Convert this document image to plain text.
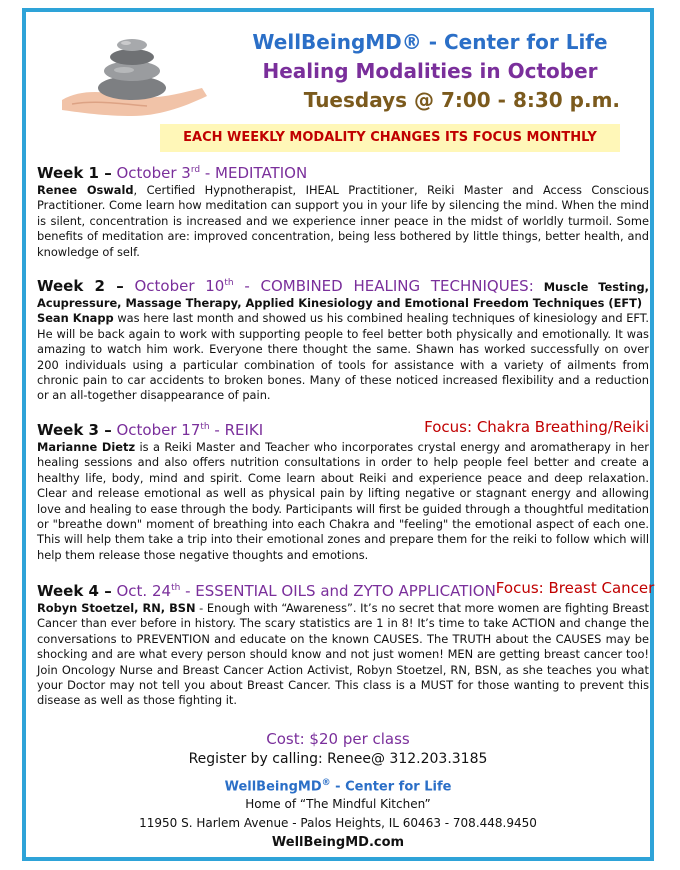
WellBeingMD® - Center for Life
Healing Modalities in October
Tuesdays @ 7:00 - 8:30 p.m.
EACH WEEKLY MODALITY CHANGES ITS FOCUS MONTHLY
Week 1 – October 3rd - MEDITATION

Renee Oswald, Certified Hypnotherapist, IHEAL Practitioner, Reiki Master and Access Conscious Practitioner. Come learn how meditation can support you in your life by silencing the mind. When the mind is silent, concentration is increased and we experience inner peace in the midst of worldly turmoil. Some benefits of meditation are: improved concentration, being less bothered by little things, better health, and knowledge of self.

Week 2 – October 10th - COMBINED HEALING TECHNIQUES: Muscle Testing, Acupressure, Massage Therapy, Applied Kinesiology and Emotional Freedom Techniques (EFT)
Sean Knapp was here last month and showed us his combined healing techniques of kinesiology and EFT. He will be back again to work with supporting people to feel better both physically and emotionally. It was amazing to watch him work. Everyone there thought the same. Shawn has worked successfully on over 200 individuals using a particular combination of tools for assistance with a variety of ailments from chronic pain to car accidents to broken bones. Many of these noticed increased flexibility and a reduction or an all-together disappearance of pain.

Week 3 – October 17th - REIKI	Focus: Chakra Breathing/Reiki

Marianne Dietz is a Reiki Master and Teacher who incorporates crystal energy and aromatherapy in her healing sessions and also offers nutrition consultations in order to help people feel better and create a healthy life, body, mind and spirit. Come learn about Reiki and experience peace and deep relaxation. Clear and release emotional as well as physical pain by lifting negative or stagnant energy and allowing love and healing to ease through the body. Participants will first be guided through a thoughtful meditation or "breathe down" moment of breathing into each Chakra and "feeling" the emotional aspect of each one. This will help them take a trip into their emotional zones and prepare them for the reiki to follow which will help them release those negative thoughts and emotions.

Week 4 – Oct. 24th - ESSENTIAL OILS and ZYTO APPLICATION Focus: Breast Cancer

Robyn Stoetzel, RN, BSN - Enough with “Awareness”. It’s no secret that more women are fighting Breast Cancer than ever before in history. The scary statistics are 1 in 8! It’s time to take ACTION and change the conversations to PREVENTION and educate on the known CAUSES. The TRUTH about the CAUSES may be shocking and are what every person should know and not just women! MEN are getting breast cancer too! Join Oncology Nurse and Breast Cancer Action Activist, Robyn Stoetzel, RN, BSN, as she teaches you what your Doctor may not tell you about Breast Cancer. This class is a MUST for those wanting to prevent this disease as well as those fighting it.

Cost: $20 per class
Register by calling: Renee@ 312.203.3185
WellBeingMD® - Center for Life
Home of “The Mindful Kitchen”
11950 S. Harlem Avenue - Palos Heights, IL 60463 - 708.448.9450
WellBeingMD.com
